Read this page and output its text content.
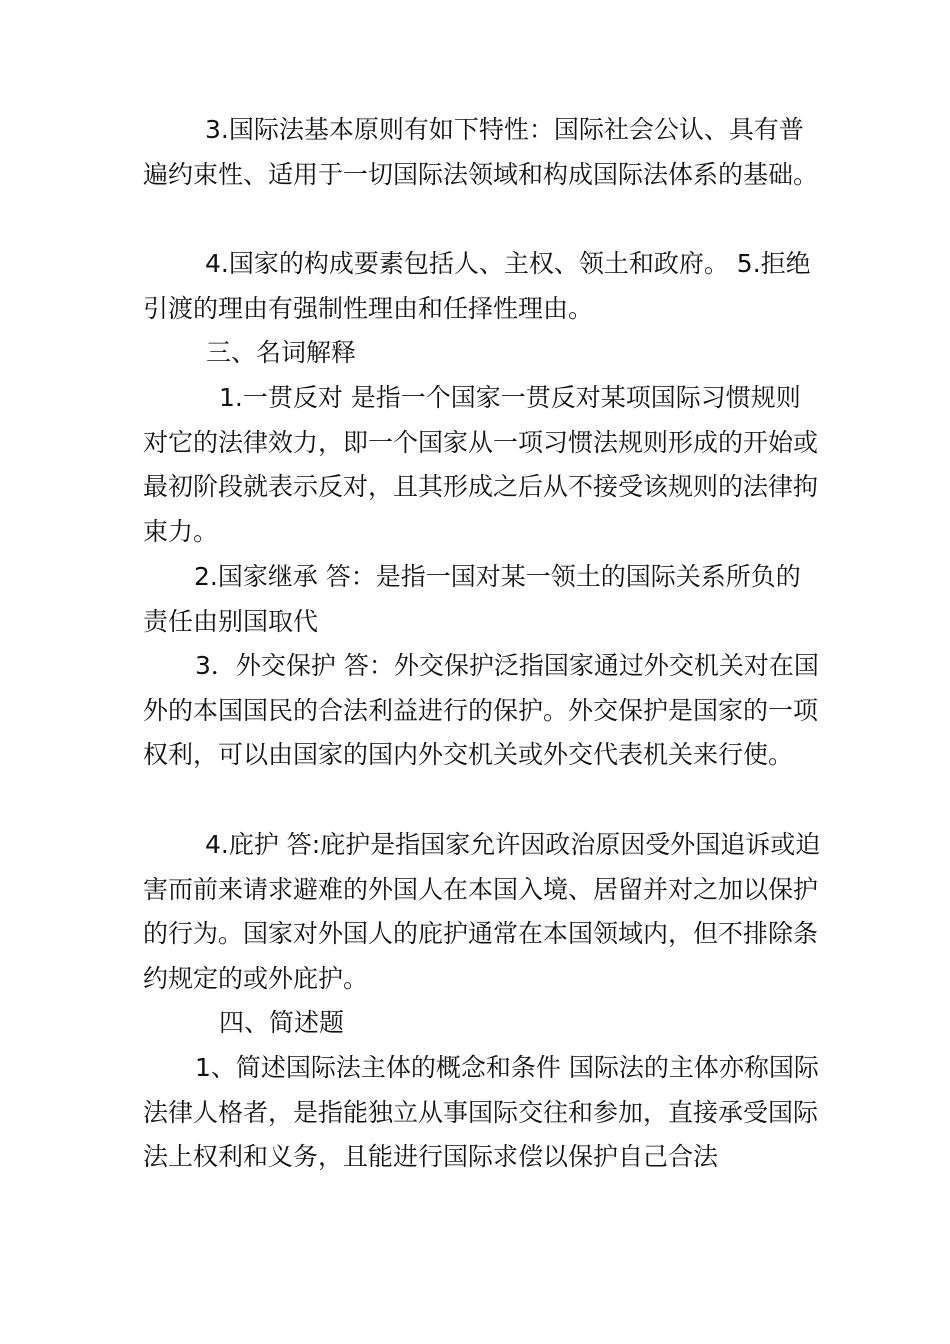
3.国际法基本原则有如下特性：国际社会公认、具有普遍约束性、适用于一切国际法领域和构成国际法体系的基础。

4.国家的构成要素包括人、主权、领土和政府。 5.拒绝引渡的理由有强制性理由和任择性理由。

三、名词解释

1.一贯反对 是指一个国家一贯反对某项国际习惯规则对它的法律效力，即一个国家从一项习惯法规则形成的开始或最初阶段就表示反对，且其形成之后从不接受该规则的法律拘束力。

2.国家继承 答：是指一国对某一领土的国际关系所负的责任由别国取代

3．外交保护 答：外交保护泛指国家通过外交机关对在国外的本国国民的合法利益进行的保护。外交保护是国家的一项权利，可以由国家的国内外交机关或外交代表机关来行使。

4.庇护 答:庇护是指国家允许因政治原因受外国追诉或迫害而前来请求避难的外国人在本国入境、居留并对之加以保护的行为。国家对外国人的庇护通常在本国领域内，但不排除条约规定的或外庇护。

四、简述题

1、简述国际法主体的概念和条件 国际法的主体亦称国际法律人格者，是指能独立从事国际交往和参加，直接承受国际法上权利和义务，且能进行国际求偿以保护自己合法
